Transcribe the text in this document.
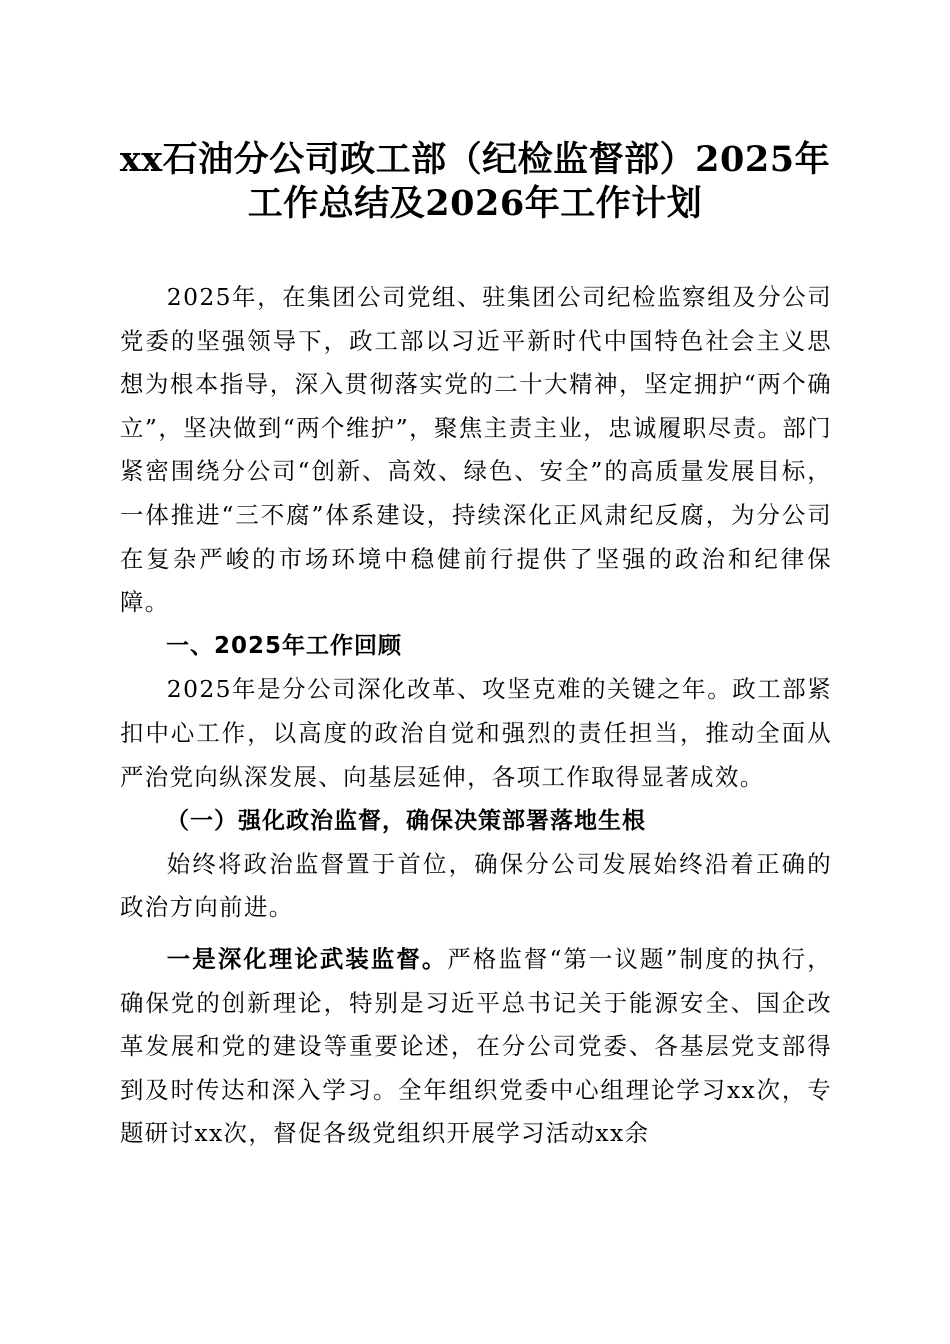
xx石油分公司政工部（纪检监督部）2025年
工作总结及2026年工作计划

2025年，在集团公司党组、驻集团公司纪检监察组及分公司党委的坚强领导下，政工部以习近平新时代中国特色社会主义思想为根本指导，深入贯彻落实党的二十大精神，坚定拥护“两个确立”，坚决做到“两个维护”，聚焦主责主业，忠诚履职尽责。部门紧密围绕分公司“创新、高效、绿色、安全”的高质量发展目标，一体推进“三不腐”体系建设，持续深化正风肃纪反腐，为分公司在复杂严峻的市场环境中稳健前行提供了坚强的政治和纪律保障。

一、2025年工作回顾

2025年是分公司深化改革、攻坚克难的关键之年。政工部紧扣中心工作，以高度的政治自觉和强烈的责任担当，推动全面从严治党向纵深发展、向基层延伸，各项工作取得显著成效。

（一）强化政治监督，确保决策部署落地生根

始终将政治监督置于首位，确保分公司发展始终沿着正确的政治方向前进。

一是深化理论武装监督。严格监督“第一议题”制度的执行，确保党的创新理论，特别是习近平总书记关于能源安全、国企改革发展和党的建设等重要论述，在分公司党委、各基层党支部得到及时传达和深入学习。全年组织党委中心组理论学习xx次，专题研讨xx次，督促各级党组织开展学习活动xx余
